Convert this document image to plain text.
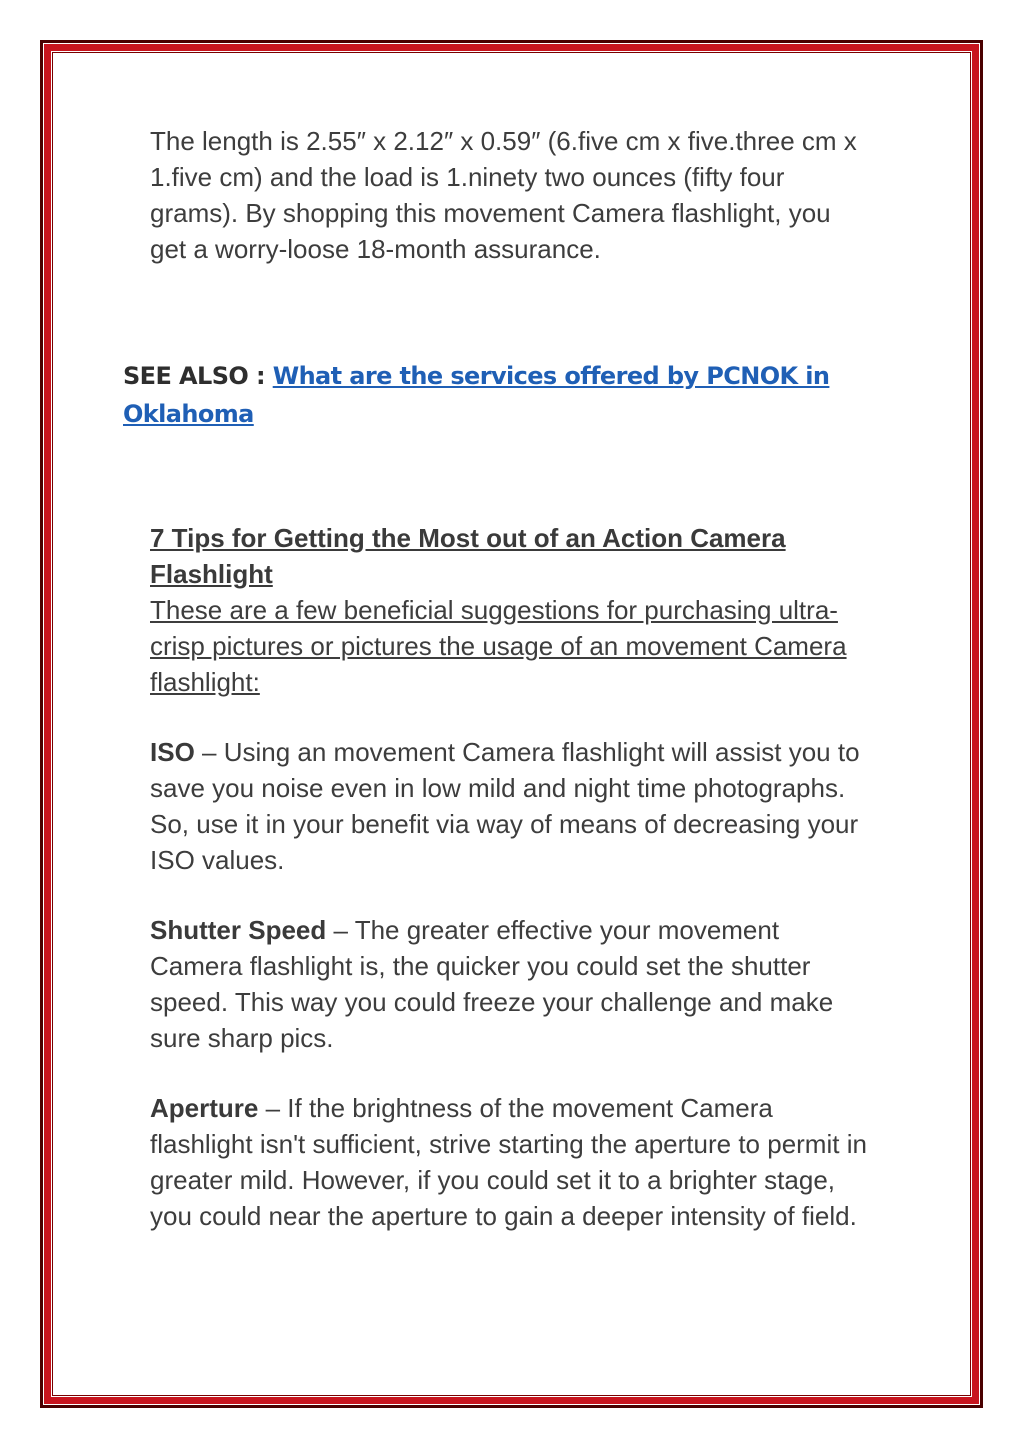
The length is 2.55″ x 2.12″ x 0.59″ (6.five cm x five.three cm x 1.five cm) and the load is 1.ninety two ounces (fifty four grams). By shopping this movement Camera flashlight, you get a worry-loose 18-month assurance.

SEE ALSO : What are the services offered by PCNOK in Oklahoma

7 Tips for Getting the Most out of an Action Camera Flashlight

These are a few beneficial suggestions for purchasing ultra-crisp pictures or pictures the usage of an movement Camera flashlight:

ISO – Using an movement Camera flashlight will assist you to save you noise even in low mild and night time photographs. So, use it in your benefit via way of means of decreasing your ISO values.

Shutter Speed – The greater effective your movement Camera flashlight is, the quicker you could set the shutter speed. This way you could freeze your challenge and make sure sharp pics.

Aperture – If the brightness of the movement Camera flashlight isn't sufficient, strive starting the aperture to permit in greater mild. However, if you could set it to a brighter stage, you could near the aperture to gain a deeper intensity of field.
